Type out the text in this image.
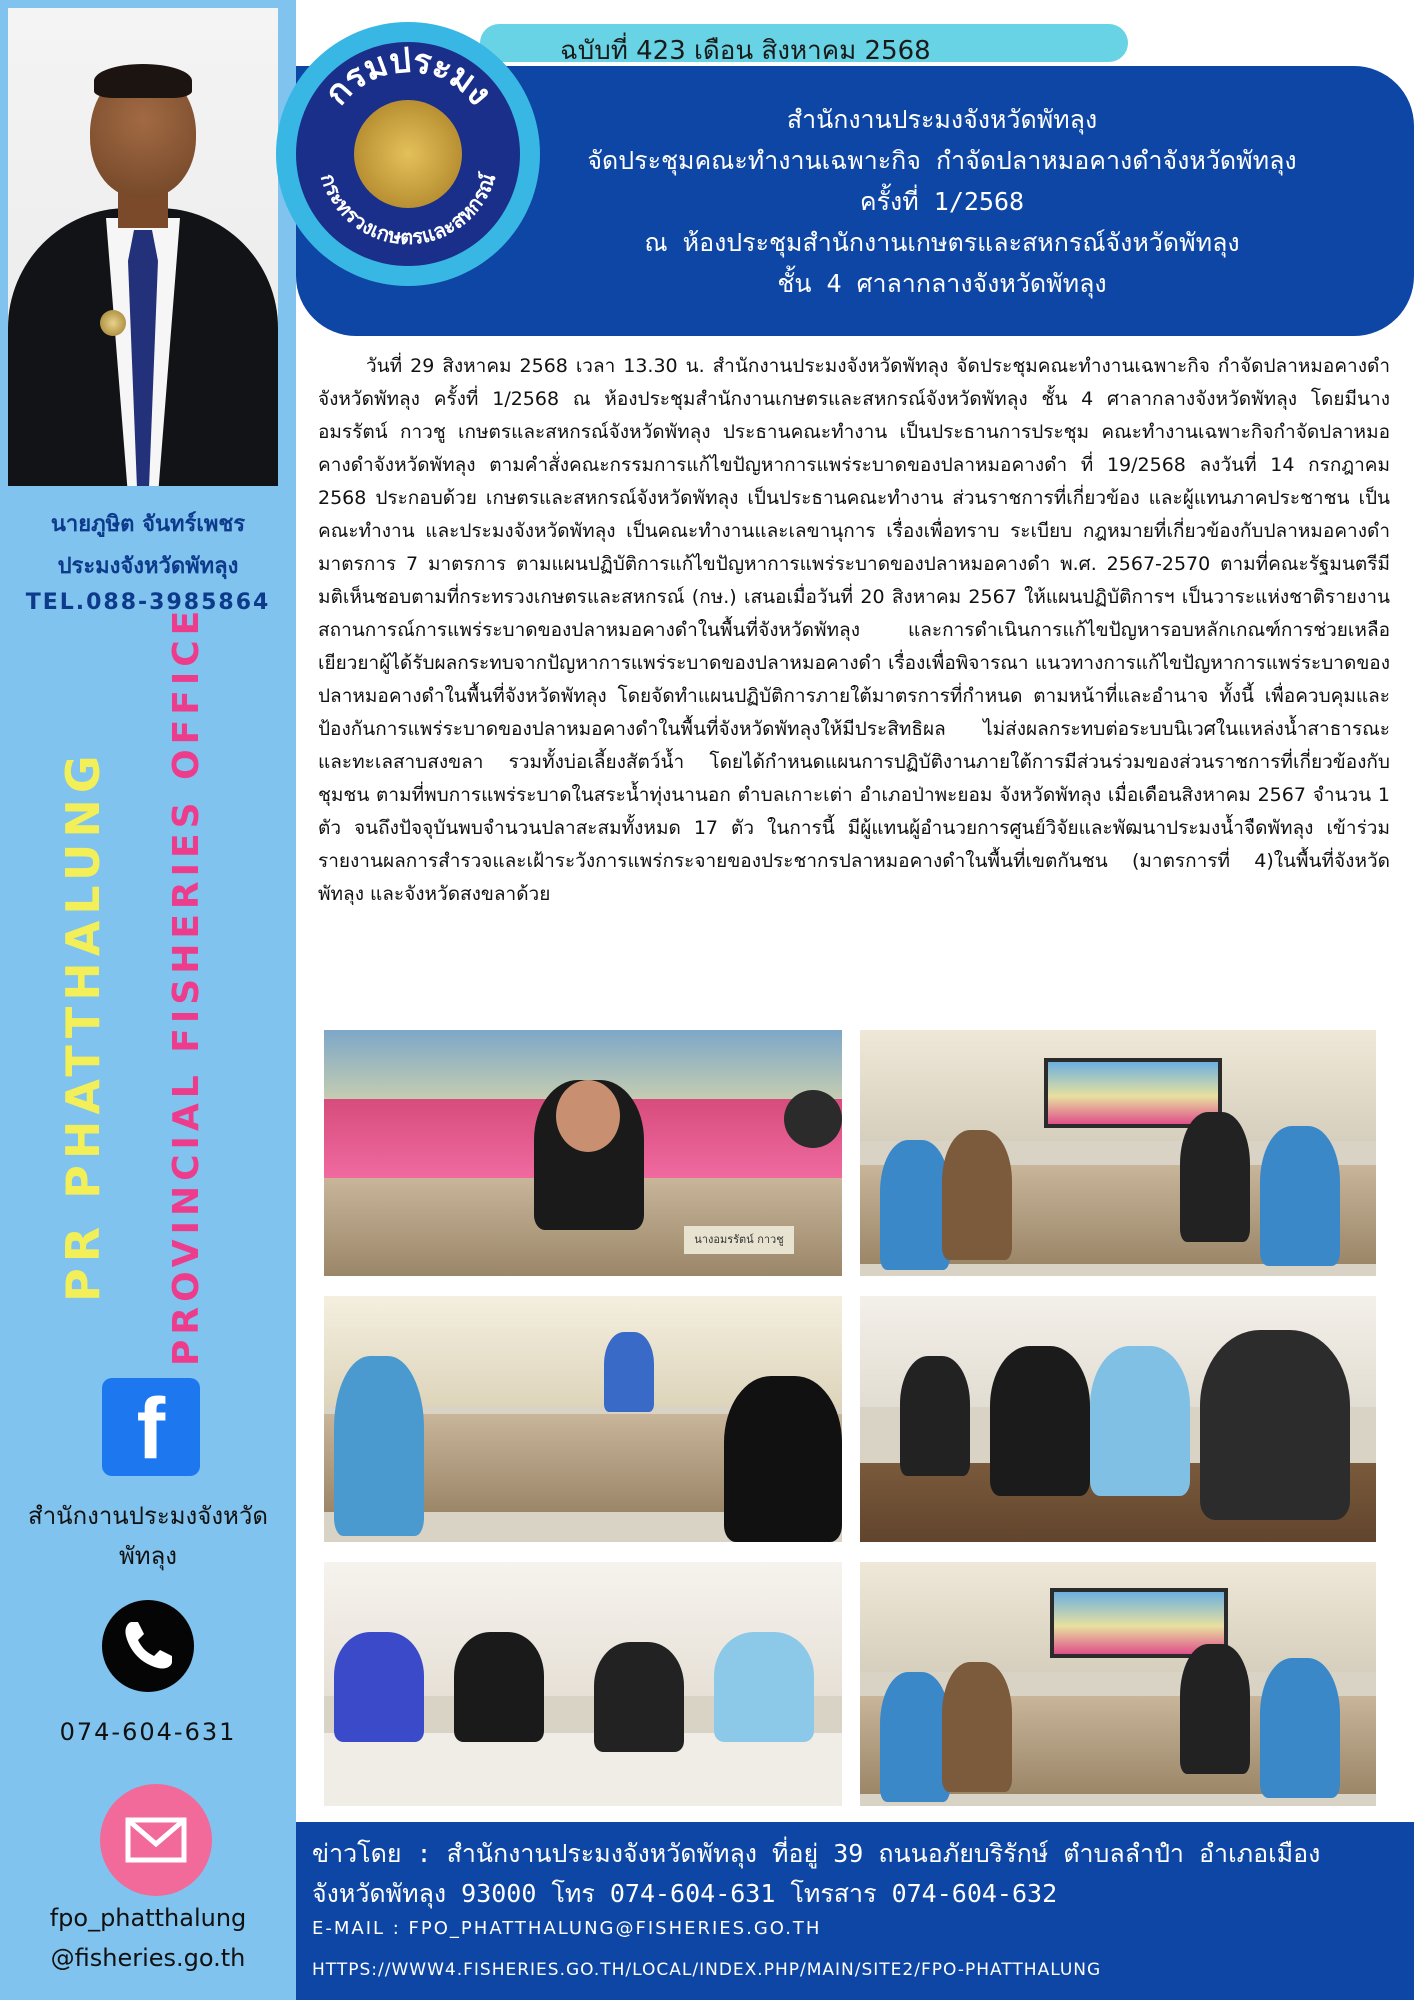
นายภูษิต จันทร์เพชร
ประมงจังหวัดพัทลุง
TEL.088-3985864
PR PHATTHALUNG PROVINCIAL FISHERIES OFFICE
f
สำนักงานประมงจังหวัด
พัทลุง
074-604-631
fpo_phatthalung
@fisheries.go.th
ฉบับที่ 423 เดือน สิงหาคม 2568
สำนักงานประมงจังหวัดพัทลุง
จัดประชุมคณะทำงานเฉพาะกิจ กำจัดปลาหมอคางดำจังหวัดพัทลุง
ครั้งที่ 1/2568
ณ ห้องประชุมสำนักงานเกษตรและสหกรณ์จังหวัดพัทลุง
ชั้น 4 ศาลากลางจังหวัดพัทลุง
กรมประมง
กระทรวงเกษตรและสหกรณ์
วันที่ 29 สิงหาคม 2568 เวลา 13.30 น. สำนักงานประมงจังหวัดพัทลุง จัดประชุมคณะทำงานเฉพาะกิจ กำจัดปลาหมอคางดำจังหวัดพัทลุง ครั้งที่ 1/2568 ณ ห้องประชุมสำนักงานเกษตรและสหกรณ์จังหวัดพัทลุง ชั้น 4 ศาลากลางจังหวัดพัทลุง โดยมีนางอมรรัตน์ กาวชู เกษตรและสหกรณ์จังหวัดพัทลุง ประธานคณะทำงาน เป็นประธานการประชุม คณะทำงานเฉพาะกิจกำจัดปลาหมอคางดำจังหวัดพัทลุง ตามคำสั่งคณะกรรมการแก้ไขปัญหาการแพร่ระบาดของปลาหมอคางดำ ที่ 19/2568 ลงวันที่ 14 กรกฎาคม 2568 ประกอบด้วย เกษตรและสหกรณ์จังหวัดพัทลุง เป็นประธานคณะทำงาน ส่วนราชการที่เกี่ยวข้อง และผู้แทนภาคประชาชน เป็นคณะทำงาน และประมงจังหวัดพัทลุง เป็นคณะทำงานและเลขานุการ เรื่องเพื่อทราบ ระเบียบ กฎหมายที่เกี่ยวข้องกับปลาหมอคางดำ มาตรการ 7 มาตรการ ตามแผนปฏิบัติการแก้ไขปัญหาการแพร่ระบาดของปลาหมอคางดำ พ.ศ. 2567-2570 ตามที่คณะรัฐมนตรีมีมติเห็นชอบตามที่กระทรวงเกษตรและสหกรณ์ (กษ.) เสนอเมื่อวันที่ 20 สิงหาคม 2567 ให้แผนปฏิบัติการฯ เป็นวาระแห่งชาติรายงานสถานการณ์การแพร่ระบาดของปลาหมอคางดำในพื้นที่จังหวัดพัทลุง และการดำเนินการแก้ไขปัญหารอบหลักเกณฑ์การช่วยเหลือเยียวยาผู้ได้รับผลกระทบจากปัญหาการแพร่ระบาดของปลาหมอคางดำ เรื่องเพื่อพิจารณา แนวทางการแก้ไขปัญหาการแพร่ระบาดของปลาหมอคางดำในพื้นที่จังหวัดพัทลุง โดยจัดทำแผนปฏิบัติการภายใต้มาตรการที่กำหนด ตามหน้าที่และอำนาจ ทั้งนี้ เพื่อควบคุมและป้องกันการแพร่ระบาดของปลาหมอคางดำในพื้นที่จังหวัดพัทลุงให้มีประสิทธิผล ไม่ส่งผลกระทบต่อระบบนิเวศในแหล่งน้ำสาธารณะและทะเลสาบสงขลา รวมทั้งบ่อเลี้ยงสัตว์น้ำ โดยได้กำหนดแผนการปฏิบัติงานภายใต้การมีส่วนร่วมของส่วนราชการที่เกี่ยวข้องกับชุมชน ตามที่พบการแพร่ระบาดในสระน้ำทุ่งนานอก ตำบลเกาะเต่า อำเภอป่าพะยอม จังหวัดพัทลุง เมื่อเดือนสิงหาคม 2567 จำนวน 1 ตัว จนถึงปัจจุบันพบจำนวนปลาสะสมทั้งหมด 17 ตัว ในการนี้ มีผู้แทนผู้อำนวยการศูนย์วิจัยและพัฒนาประมงน้ำจืดพัทลุง เข้าร่วมรายงานผลการสำรวจและเฝ้าระวังการแพร่กระจายของประชากรปลาหมอคางดำในพื้นที่เขตกันชน (มาตรการที่ 4)ในพื้นที่จังหวัดพัทลุง และจังหวัดสงขลาด้วย
นางอมรรัตน์ กาวชู
ข่าวโดย : สำนักงานประมงจังหวัดพัทลุง ที่อยู่ 39 ถนนอภัยบริรักษ์ ตำบลลำปำ อำเภอเมือง
จังหวัดพัทลุง 93000 โทร 074-604-631 โทรสาร 074-604-632
E-MAIL : FPO_PHATTHALUNG@FISHERIES.GO.TH
HTTPS://WWW4.FISHERIES.GO.TH/LOCAL/INDEX.PHP/MAIN/SITE2/FPO-PHATTHALUNG
